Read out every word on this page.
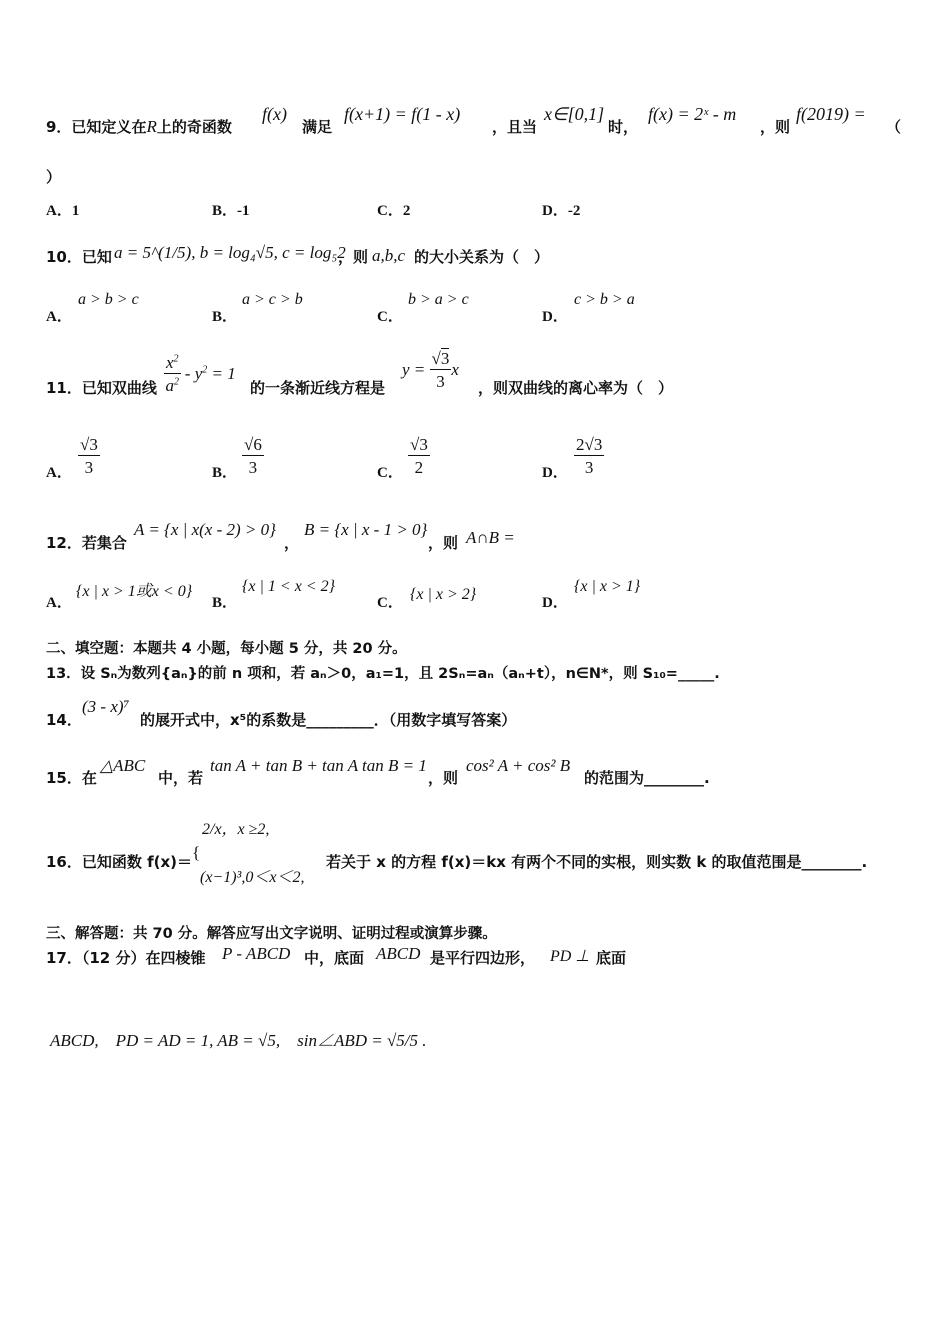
9．已知定义在R上的奇函数
f(x)
满足
f(x+1) = f(1 - x)
，且当
x∈[0,1]
时，
f(x) = 2ˣ - m
，则
f(2019) =
（
）
A．1	B．-1	C．2	D．-2
10．已知 a = 5^(1/5), b = log₄√5, c = log₅2
，则 a,b,c 的大小关系为（　）
A．
a > b > c
B．
a > c > b
C．
b > a > c
D．
c > b > a
11．已知双曲线 $\frac{x^2}{a^2} - y^2 = 1$
的一条渐近线方程是
$y = \frac{√3}{3}$ x
，则双曲线的离心率为（　）
A． $\frac{√3}{3}$	B． $\frac{√6}{3}$	C． $\frac{√3}{2}$	D． $\frac{2√3}{3}$
12．若集合
A = {x | x(x - 2) > 0}
，
B = {x | x - 1 > 0}
，则 A∩B =
A．
{x | x > 1或x < 0}
B．
{x | 1 < x < 2}
C． {x | x > 2}	D．
{x | x > 1}
二、填空题：本题共 4 小题，每小题 5 分，共 20 分。
13．设 Sₙ为数列{aₙ}的前 n 项和，若 aₙ＞0，a₁=1，且 2Sₙ=aₙ（aₙ+t），n∈N*，则 S₁₀=_____.
14．
(3 - x)⁷
的展开式中，x⁵的系数是_________．（用数字填写答案）
15．在
△ABC
中，若
tan A + tan B + tan A tan B = 1
，则
cos² A + cos² B
的范围为________.
16．已知函数 f(x)＝ {
2/x，x ≥2,
(x−1)³,0＜x＜2,
若关于 x 的方程 f(x)＝kx 有两个不同的实根，则实数 k 的取值范围是________.
三、解答题：共 70 分。解答应写出文字说明、证明过程或演算步骤。
17．（12 分）在四棱锥 P - ABCD 中，底面 ABCD 是平行四边形， PD ⊥ 底面
ABCD,　PD = AD = 1, AB = √5,　sin∠ABD = √5/5 .
